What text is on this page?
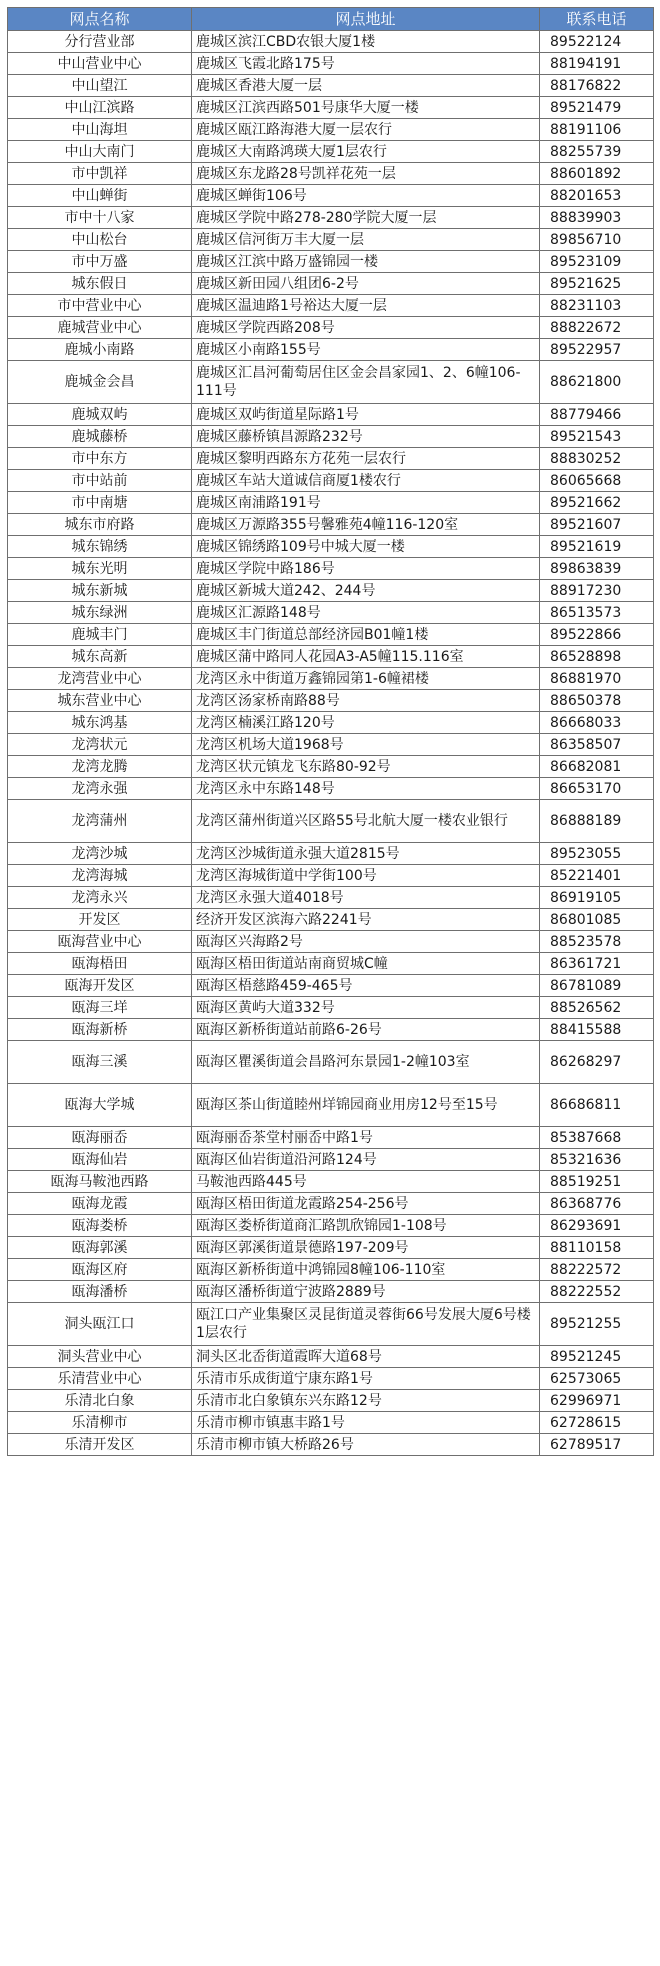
网点名称	网点地址	联系电话
分行营业部	鹿城区滨江CBD农银大厦1楼	89522124
中山营业中心	鹿城区飞霞北路175号	88194191
中山望江	鹿城区香港大厦一层	88176822
中山江滨路	鹿城区江滨西路501号康华大厦一楼	89521479
中山海坦	鹿城区瓯江路海港大厦一层农行	88191106
中山大南门	鹿城区大南路鸿瑛大厦1层农行	88255739
市中凯祥	鹿城区东龙路28号凯祥花苑一层	88601892
中山蝉街	鹿城区蝉街106号	88201653
市中十八家	鹿城区学院中路278-280学院大厦一层	88839903
中山松台	鹿城区信河街万丰大厦一层	89856710
市中万盛	鹿城区江滨中路万盛锦园一楼	89523109
城东假日	鹿城区新田园八组团6-2号	89521625
市中营业中心	鹿城区温迪路1号裕达大厦一层	88231103
鹿城营业中心	鹿城区学院西路208号	88822672
鹿城小南路	鹿城区小南路155号	89522957
鹿城金会昌	鹿城区汇昌河葡萄居住区金会昌家园1、2、6幢106-111号	88621800
鹿城双屿	鹿城区双屿街道星际路1号	88779466
鹿城藤桥	鹿城区藤桥镇昌源路232号	89521543
市中东方	鹿城区黎明西路东方花苑一层农行	88830252
市中站前	鹿城区车站大道诚信商厦1楼农行	86065668
市中南塘	鹿城区南浦路191号	89521662
城东市府路	鹿城区万源路355号馨雅苑4幢116-120室	89521607
城东锦绣	鹿城区锦绣路109号中城大厦一楼	89521619
城东光明	鹿城区学院中路186号	89863839
城东新城	鹿城区新城大道242、244号	88917230
城东绿洲	鹿城区汇源路148号	86513573
鹿城丰门	鹿城区丰门街道总部经济园B01幢1楼	89522866
城东高新	鹿城区蒲中路同人花园A3-A5幢115.116室	86528898
龙湾营业中心	龙湾区永中街道万鑫锦园第1-6幢裙楼	86881970
城东营业中心	龙湾区汤家桥南路88号	88650378
城东鸿基	龙湾区楠溪江路120号	86668033
龙湾状元	龙湾区机场大道1968号	86358507
龙湾龙腾	龙湾区状元镇龙飞东路80-92号	86682081
龙湾永强	龙湾区永中东路148号	86653170
龙湾蒲州	龙湾区蒲州街道兴区路55号北航大厦一楼农业银行	86888189
龙湾沙城	龙湾区沙城街道永强大道2815号	89523055
龙湾海城	龙湾区海城街道中学街100号	85221401
龙湾永兴	龙湾区永强大道4018号	86919105
开发区	经济开发区滨海六路2241号	86801085
瓯海营业中心	瓯海区兴海路2号	88523578
瓯海梧田	瓯海区梧田街道站南商贸城C幢	86361721
瓯海开发区	瓯海区梧慈路459-465号	86781089
瓯海三垟	瓯海区黄屿大道332号	88526562
瓯海新桥	瓯海区新桥街道站前路6-26号	88415588
瓯海三溪	瓯海区瞿溪街道会昌路河东景园1-2幢103室	86268297
瓯海大学城	瓯海区茶山街道睦州垟锦园商业用房12号至15号	86686811
瓯海丽岙	瓯海丽岙茶堂村丽岙中路1号	85387668
瓯海仙岩	瓯海区仙岩街道沿河路124号	85321636
瓯海马鞍池西路	马鞍池西路445号	88519251
瓯海龙霞	瓯海区梧田街道龙霞路254-256号	86368776
瓯海娄桥	瓯海区娄桥街道商汇路凯欣锦园1-108号	86293691
瓯海郭溪	瓯海区郭溪街道景德路197-209号	88110158
瓯海区府	瓯海区新桥街道中鸿锦园8幢106-110室	88222572
瓯海潘桥	瓯海区潘桥街道宁波路2889号	88222552
洞头瓯江口	瓯江口产业集聚区灵昆街道灵蓉街66号发展大厦6号楼1层农行	89521255
洞头营业中心	洞头区北岙街道霞晖大道68号	89521245
乐清营业中心	乐清市乐成街道宁康东路1号	62573065
乐清北白象	乐清市北白象镇东兴东路12号	62996971
乐清柳市	乐清市柳市镇惠丰路1号	62728615
乐清开发区	乐清市柳市镇大桥路26号	62789517
